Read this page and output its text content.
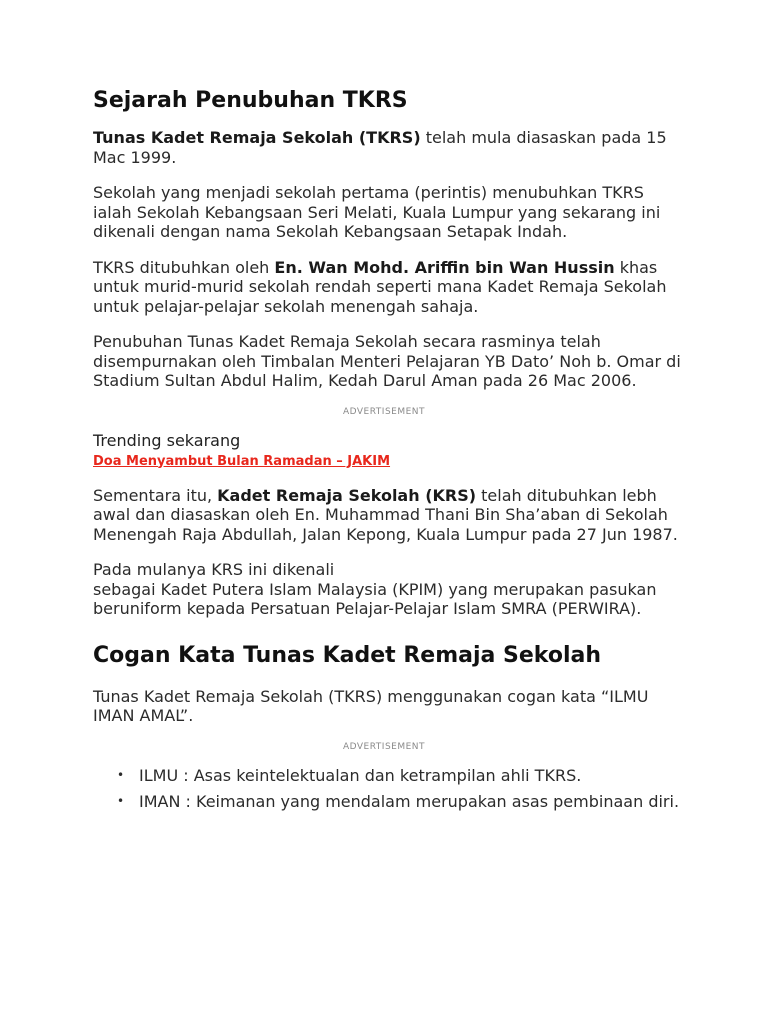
Sejarah Penubuhan TKRS

Tunas Kadet Remaja Sekolah (TKRS) telah mula diasaskan pada 15 Mac 1999.

Sekolah yang menjadi sekolah pertama (perintis) menubuhkan TKRS ialah Sekolah Kebangsaan Seri Melati, Kuala Lumpur yang sekarang ini dikenali dengan nama Sekolah Kebangsaan Setapak Indah.

TKRS ditubuhkan oleh En. Wan Mohd. Ariffin bin Wan Hussin khas untuk murid-murid sekolah rendah seperti mana Kadet Remaja Sekolah untuk pelajar-pelajar sekolah menengah sahaja.

Penubuhan Tunas Kadet Remaja Sekolah secara rasminya telah disempurnakan oleh Timbalan Menteri Pelajaran YB Dato’ Noh b. Omar di Stadium Sultan Abdul Halim, Kedah Darul Aman pada 26 Mac 2006.

ADVERTISEMENT
Trending sekarang
Doa Menyambut Bulan Ramadan – JAKIM

Sementara itu, Kadet Remaja Sekolah (KRS) telah ditubuhkan lebh awal dan diasaskan oleh En. Muhammad Thani Bin Sha’aban di Sekolah Menengah Raja Abdullah, Jalan Kepong, Kuala Lumpur pada 27 Jun 1987.

Pada mulanya KRS ini dikenali
sebagai Kadet Putera Islam Malaysia (KPIM) yang merupakan pasukan beruniform kepada Persatuan Pelajar-Pelajar Islam SMRA (PERWIRA).

Cogan Kata Tunas Kadet Remaja Sekolah

Tunas Kadet Remaja Sekolah (TKRS) menggunakan cogan kata “ILMU IMAN AMAL”.

ADVERTISEMENT
• ILMU : Asas keintelektualan dan ketrampilan ahli TKRS.
• IMAN : Keimanan yang mendalam merupakan asas pembinaan diri.
